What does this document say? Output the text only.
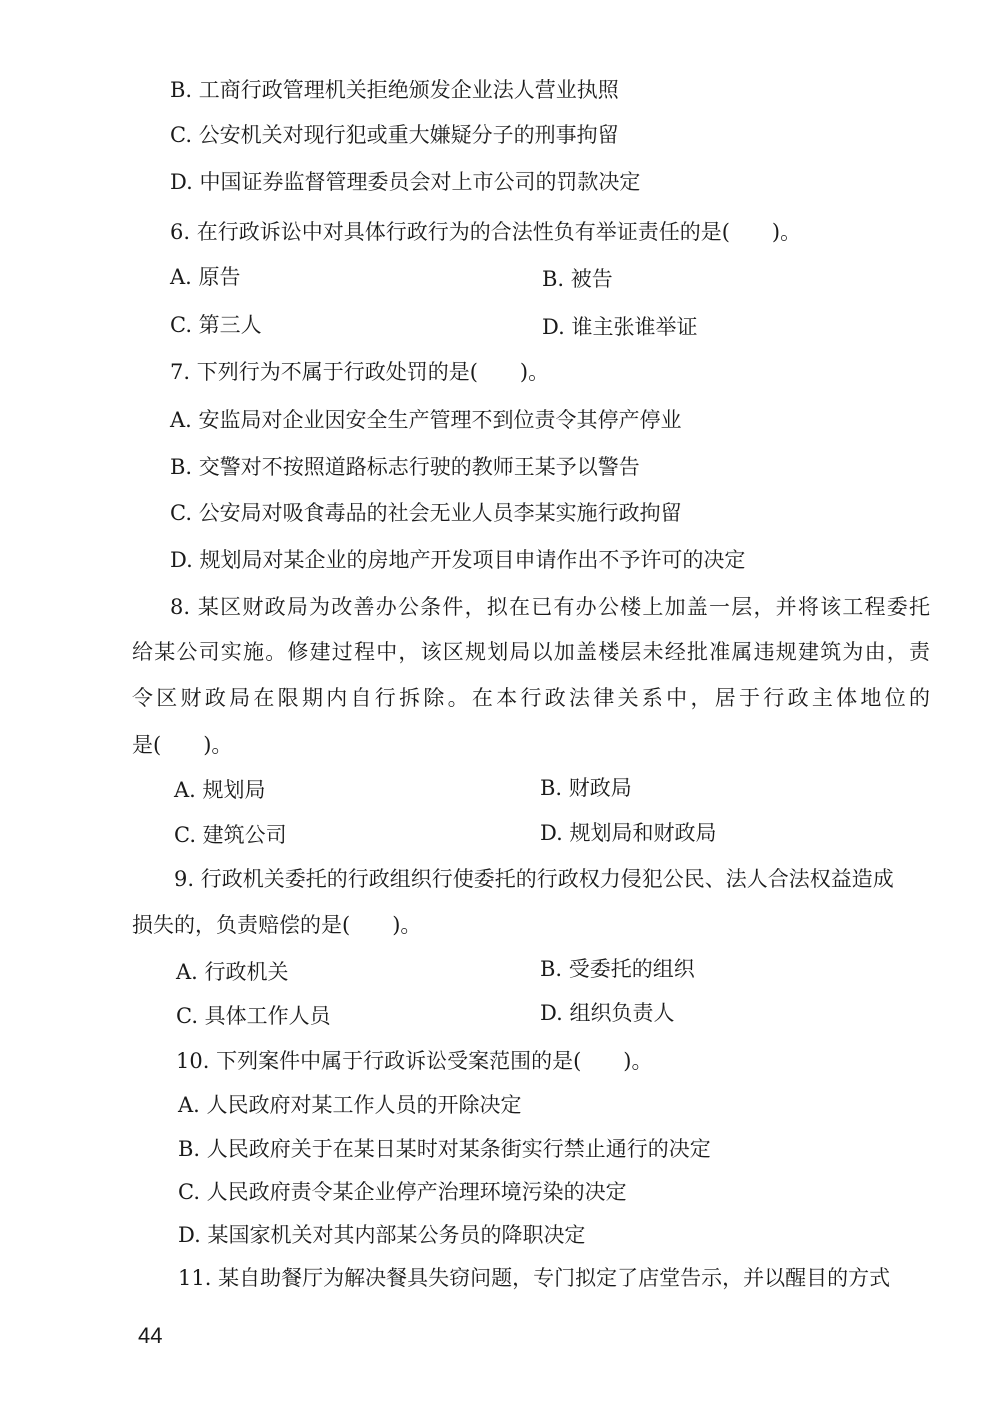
B. 工商行政管理机关拒绝颁发企业法人营业执照
C. 公安机关对现行犯或重大嫌疑分子的刑事拘留
D. 中国证券监督管理委员会对上市公司的罚款决定
6. 在行政诉讼中对具体行政行为的合法性负有举证责任的是(　　)。
A. 原告	B. 被告
C. 第三人	D. 谁主张谁举证
7. 下列行为不属于行政处罚的是(　　)。
A. 安监局对企业因安全生产管理不到位责令其停产停业
B. 交警对不按照道路标志行驶的教师王某予以警告
C. 公安局对吸食毒品的社会无业人员李某实施行政拘留
D. 规划局对某企业的房地产开发项目申请作出不予许可的决定
8. 某区财政局为改善办公条件，拟在已有办公楼上加盖一层，并将该工程委托
给某公司实施。修建过程中，该区规划局以加盖楼层未经批准属违规建筑为由，责
令区财政局在限期内自行拆除。在本行政法律关系中，居于行政主体地位的
是(　　)。
A. 规划局	B. 财政局
C. 建筑公司	D. 规划局和财政局
9. 行政机关委托的行政组织行使委托的行政权力侵犯公民、法人合法权益造成
损失的，负责赔偿的是(　　)。
A. 行政机关	B. 受委托的组织
C. 具体工作人员	D. 组织负责人
10. 下列案件中属于行政诉讼受案范围的是(　　)。
A. 人民政府对某工作人员的开除决定
B. 人民政府关于在某日某时对某条街实行禁止通行的决定
C. 人民政府责令某企业停产治理环境污染的决定
D. 某国家机关对其内部某公务员的降职决定
11. 某自助餐厅为解决餐具失窃问题，专门拟定了店堂告示，并以醒目的方式
44
